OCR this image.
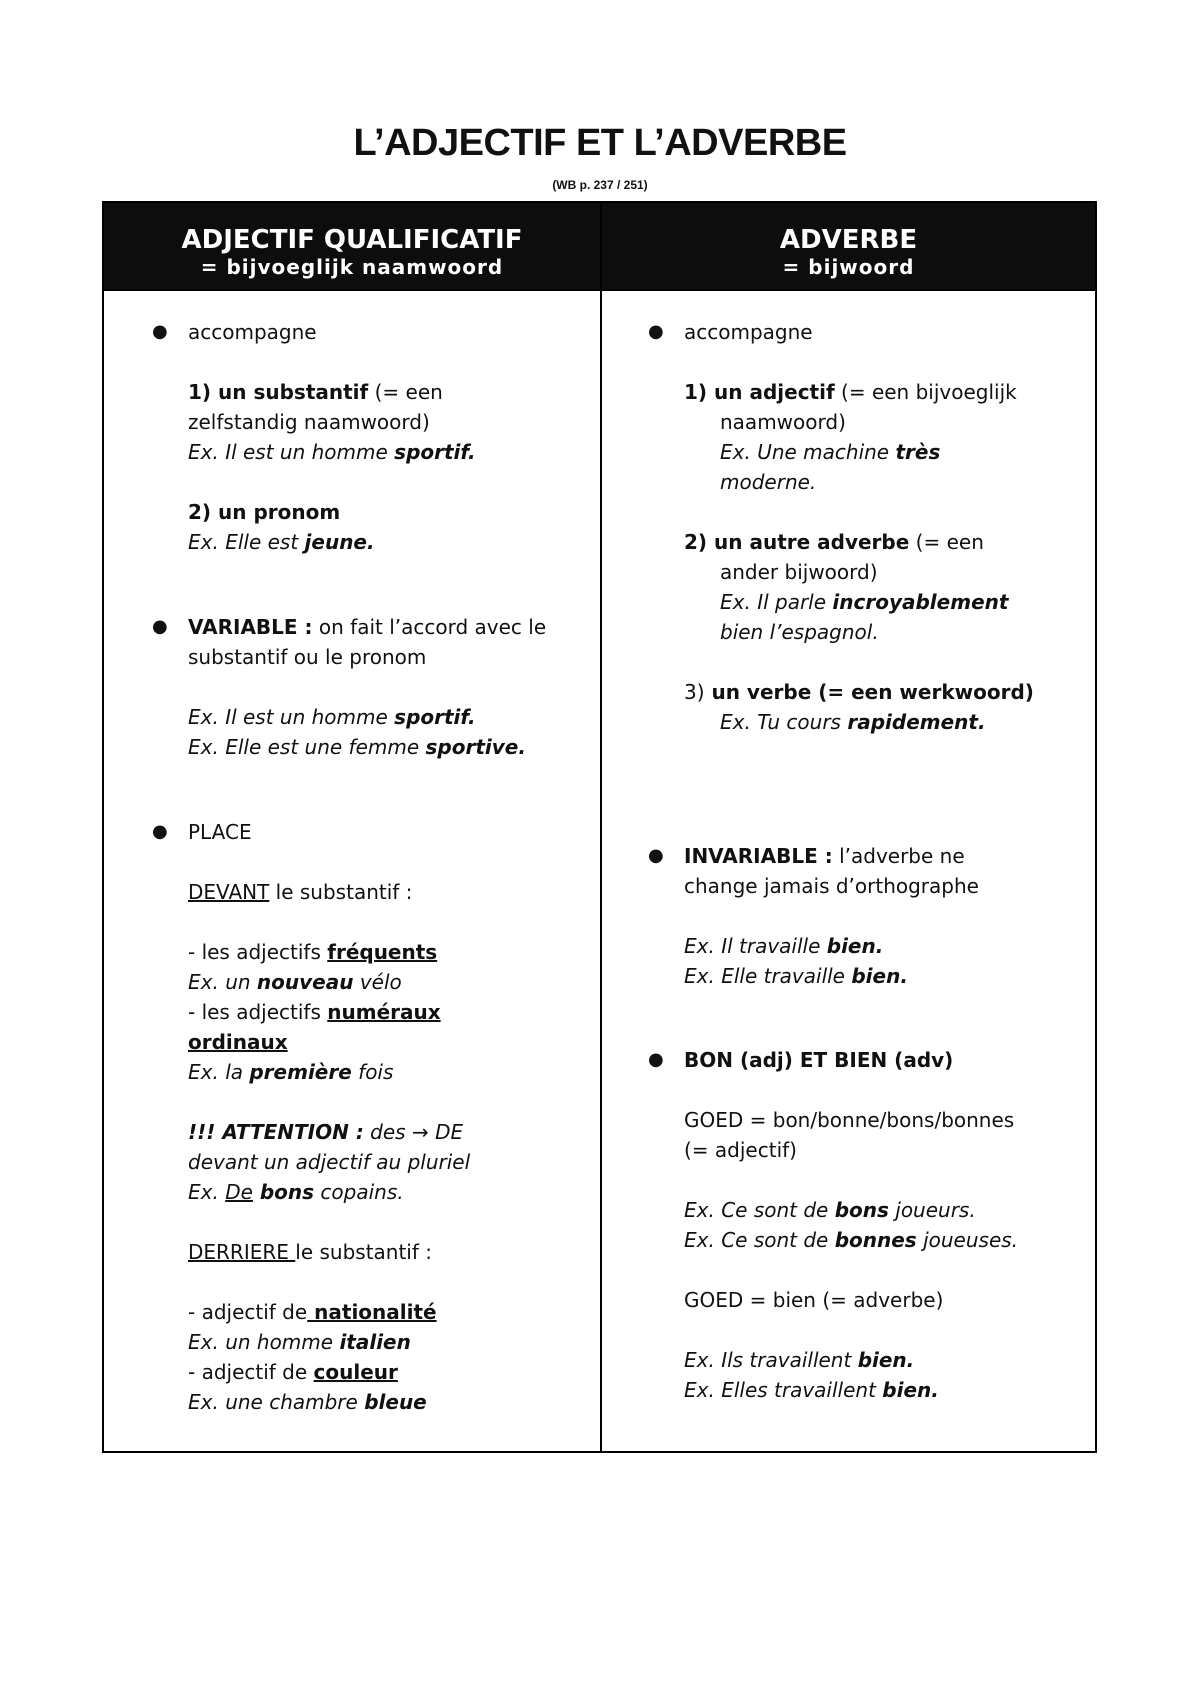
L’ADJECTIF ET L’ADVERBE
(WB p. 237 / 251)
ADJECTIF QUALIFICATIF
= bijvoeglijk naamwoord
ADVERBE
= bijwoord
● accompagne
1) un substantif (= een
zelfstandig naamwoord)
Ex. Il est un homme sportif.
2) un pronom
Ex. Elle est jeune.
● VARIABLE : on fait l’accord avec le
substantif ou le pronom
Ex. Il est un homme sportif.
Ex. Elle est une femme sportive.
● PLACE
DEVANT le substantif :
- les adjectifs fréquents
Ex. un nouveau vélo
- les adjectifs numéraux
ordinaux
Ex. la première fois
!!! ATTENTION : des → DE
devant un adjectif au pluriel
Ex. De bons copains.
DERRIERE le substantif :
- adjectif de nationalité
Ex. un homme italien
- adjectif de couleur
Ex. une chambre bleue
● accompagne
1) un adjectif (= een bijvoeglijk
naamwoord)
Ex. Une machine très
moderne.
2) un autre adverbe (= een
ander bijwoord)
Ex. Il parle incroyablement
bien l’espagnol.
3) un verbe (= een werkwoord)
Ex. Tu cours rapidement.
● INVARIABLE : l’adverbe ne
change jamais d’orthographe
Ex. Il travaille bien.
Ex. Elle travaille bien.
● BON (adj) ET BIEN (adv)
GOED = bon/bonne/bons/bonnes
(= adjectif)
Ex. Ce sont de bons joueurs.
Ex. Ce sont de bonnes joueuses.
GOED = bien (= adverbe)
Ex. Ils travaillent bien.
Ex. Elles travaillent bien.
